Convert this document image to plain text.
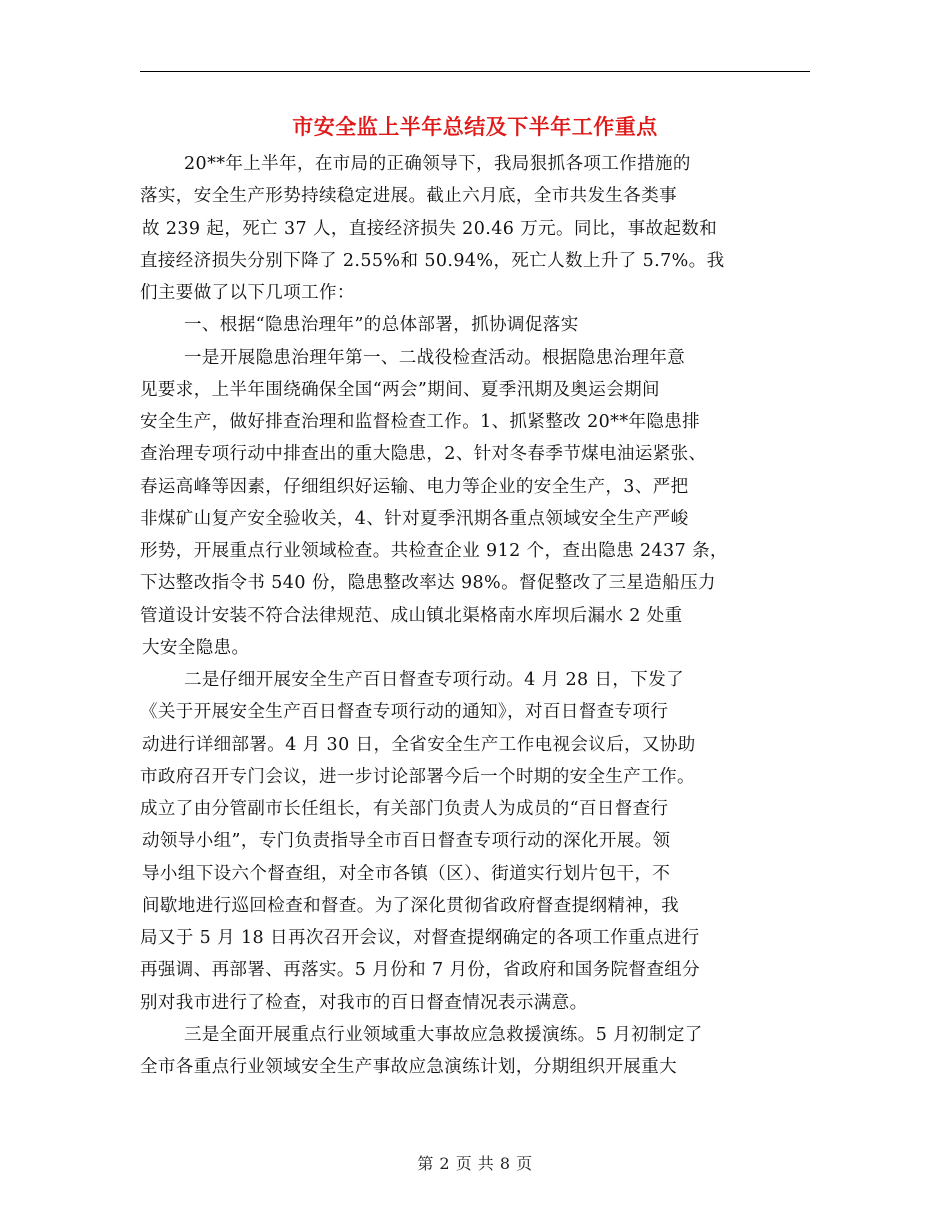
市安全监上半年总结及下半年工作重点
20**年上半年，在市局的正确领导下，我局狠抓各项工作措施的
落实，安全生产形势持续稳定进展。截止六月底，全市共发生各类事
故 239 起，死亡 37 人，直接经济损失 20.46 万元。同比，事故起数和
直接经济损失分别下降了 2.55%和 50.94%，死亡人数上升了 5.7%。我
们主要做了以下几项工作：
一、根据“隐患治理年”的总体部署，抓协调促落实
一是开展隐患治理年第一、二战役检查活动。根据隐患治理年意
见要求，上半年围绕确保全国“两会”期间、夏季汛期及奥运会期间
安全生产，做好排查治理和监督检查工作。1、抓紧整改 20**年隐患排
查治理专项行动中排查出的重大隐患，2、针对冬春季节煤电油运紧张、
春运高峰等因素，仔细组织好运输、电力等企业的安全生产，3、严把
非煤矿山复产安全验收关，4、针对夏季汛期各重点领域安全生产严峻
形势，开展重点行业领域检查。共检查企业 912 个，查出隐患 2437 条，
下达整改指令书 540 份，隐患整改率达 98%。督促整改了三星造船压力
管道设计安装不符合法律规范、成山镇北渠格南水库坝后漏水 2 处重
大安全隐患。
二是仔细开展安全生产百日督查专项行动。4 月 28 日，下发了
《关于开展安全生产百日督查专项行动的通知》，对百日督查专项行
动进行详细部署。4 月 30 日，全省安全生产工作电视会议后，又协助
市政府召开专门会议，进一步讨论部署今后一个时期的安全生产工作。
成立了由分管副市长任组长，有关部门负责人为成员的“百日督查行
动领导小组”，专门负责指导全市百日督查专项行动的深化开展。领
导小组下设六个督查组，对全市各镇（区）、街道实行划片包干，不
间歇地进行巡回检查和督查。为了深化贯彻省政府督查提纲精神，我
局又于 5 月 18 日再次召开会议，对督查提纲确定的各项工作重点进行
再强调、再部署、再落实。5 月份和 7 月份，省政府和国务院督查组分
别对我市进行了检查，对我市的百日督查情况表示满意。
三是全面开展重点行业领域重大事故应急救援演练。5 月初制定了
全市各重点行业领域安全生产事故应急演练计划，分期组织开展重大
第 2 页 共 8 页
